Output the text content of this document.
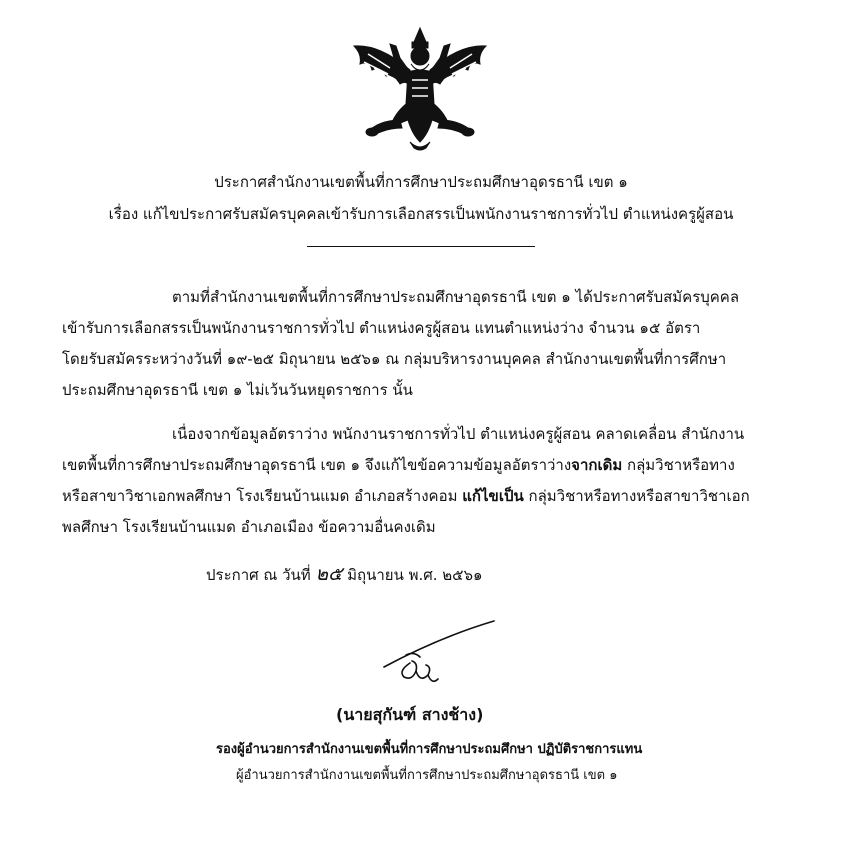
ประกาศสำนักงานเขตพื้นที่การศึกษาประถมศึกษาอุดรธานี เขต ๑
เรื่อง แก้ไขประกาศรับสมัครบุคคลเข้ารับการเลือกสรรเป็นพนักงานราชการทั่วไป ตำแหน่งครูผู้สอน
ตามที่สำนักงานเขตพื้นที่การศึกษาประถมศึกษาอุดรธานี เขต ๑ ได้ประกาศรับสมัครบุคคล
เข้ารับการเลือกสรรเป็นพนักงานราชการทั่วไป ตำแหน่งครูผู้สอน แทนตำแหน่งว่าง จำนวน ๑๕ อัตรา
โดยรับสมัครระหว่างวันที่ ๑๙-๒๕ มิถุนายน ๒๕๖๑ ณ กลุ่มบริหารงานบุคคล สำนักงานเขตพื้นที่การศึกษา
ประถมศึกษาอุดรธานี เขต ๑ ไม่เว้นวันหยุดราชการ นั้น
เนื่องจากข้อมูลอัตราว่าง พนักงานราชการทั่วไป ตำแหน่งครูผู้สอน คลาดเคลื่อน สำนักงาน
เขตพื้นที่การศึกษาประถมศึกษาอุดรธานี เขต ๑ จึงแก้ไขข้อความข้อมูลอัตราว่างจากเดิม กลุ่มวิชาหรือทาง
หรือสาขาวิชาเอกพลศึกษา โรงเรียนบ้านแมด อำเภอสร้างคอม แก้ไขเป็น กลุ่มวิชาหรือทางหรือสาขาวิชาเอก
พลศึกษา โรงเรียนบ้านแมด อำเภอเมือง ข้อความอื่นคงเดิม
ประกาศ ณ วันที่ ๒๕ มิถุนายน พ.ศ. ๒๕๖๑
(นายสุกันฑ์ สางช้าง)
รองผู้อำนวยการสำนักงานเขตพื้นที่การศึกษาประถมศึกษา ปฏิบัติราชการแทน
ผู้อำนวยการสำนักงานเขตพื้นที่การศึกษาประถมศึกษาอุดรธานี เขต ๑
